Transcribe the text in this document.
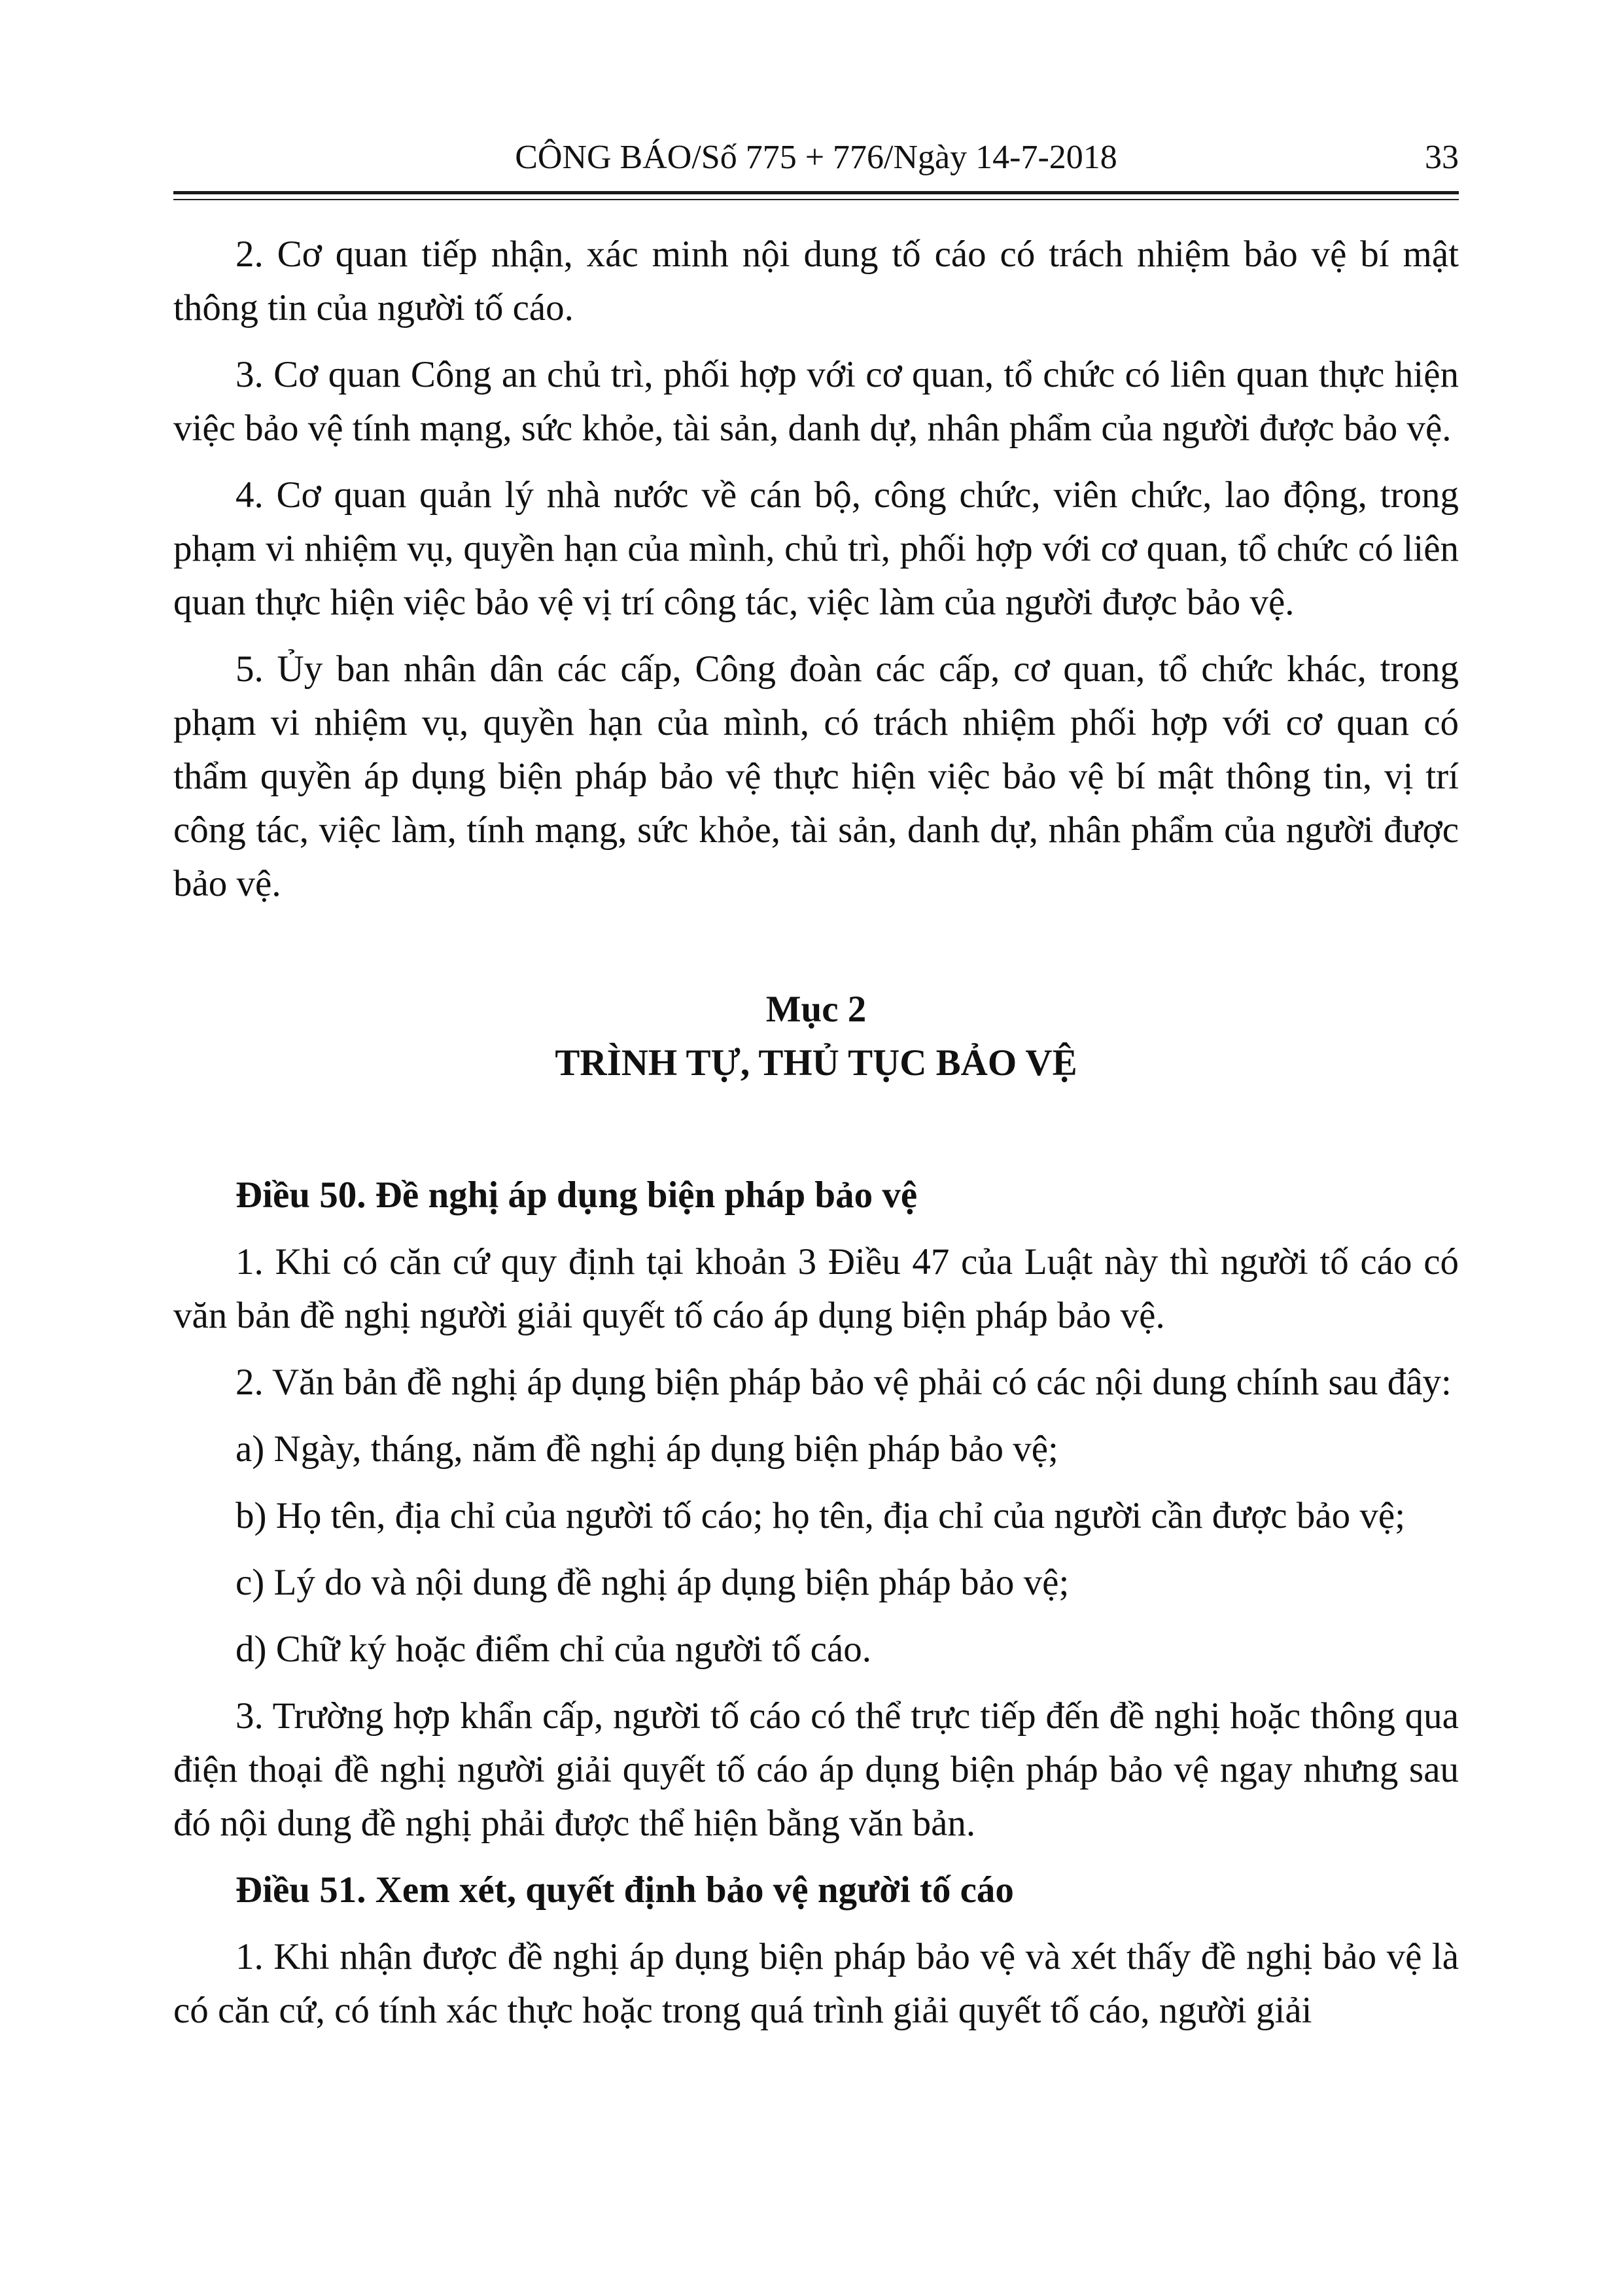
CÔNG BÁO/Số 775 + 776/Ngày 14-7-2018	33

2. Cơ quan tiếp nhận, xác minh nội dung tố cáo có trách nhiệm bảo vệ bí mật thông tin của người tố cáo.

3. Cơ quan Công an chủ trì, phối hợp với cơ quan, tổ chức có liên quan thực hiện việc bảo vệ tính mạng, sức khỏe, tài sản, danh dự, nhân phẩm của người được bảo vệ.

4. Cơ quan quản lý nhà nước về cán bộ, công chức, viên chức, lao động, trong phạm vi nhiệm vụ, quyền hạn của mình, chủ trì, phối hợp với cơ quan, tổ chức có liên quan thực hiện việc bảo vệ vị trí công tác, việc làm của người được bảo vệ.

5. Ủy ban nhân dân các cấp, Công đoàn các cấp, cơ quan, tổ chức khác, trong phạm vi nhiệm vụ, quyền hạn của mình, có trách nhiệm phối hợp với cơ quan có thẩm quyền áp dụng biện pháp bảo vệ thực hiện việc bảo vệ bí mật thông tin, vị trí công tác, việc làm, tính mạng, sức khỏe, tài sản, danh dự, nhân phẩm của người được bảo vệ.

Mục 2

TRÌNH TỰ, THỦ TỤC BẢO VỆ

Điều 50. Đề nghị áp dụng biện pháp bảo vệ

1. Khi có căn cứ quy định tại khoản 3 Điều 47 của Luật này thì người tố cáo có văn bản đề nghị người giải quyết tố cáo áp dụng biện pháp bảo vệ.

2. Văn bản đề nghị áp dụng biện pháp bảo vệ phải có các nội dung chính sau đây:

a) Ngày, tháng, năm đề nghị áp dụng biện pháp bảo vệ;

b) Họ tên, địa chỉ của người tố cáo; họ tên, địa chỉ của người cần được bảo vệ;

c) Lý do và nội dung đề nghị áp dụng biện pháp bảo vệ;

d) Chữ ký hoặc điểm chỉ của người tố cáo.

3. Trường hợp khẩn cấp, người tố cáo có thể trực tiếp đến đề nghị hoặc thông qua điện thoại đề nghị người giải quyết tố cáo áp dụng biện pháp bảo vệ ngay nhưng sau đó nội dung đề nghị phải được thể hiện bằng văn bản.

Điều 51. Xem xét, quyết định bảo vệ người tố cáo

1. Khi nhận được đề nghị áp dụng biện pháp bảo vệ và xét thấy đề nghị bảo vệ là có căn cứ, có tính xác thực hoặc trong quá trình giải quyết tố cáo, người giải
